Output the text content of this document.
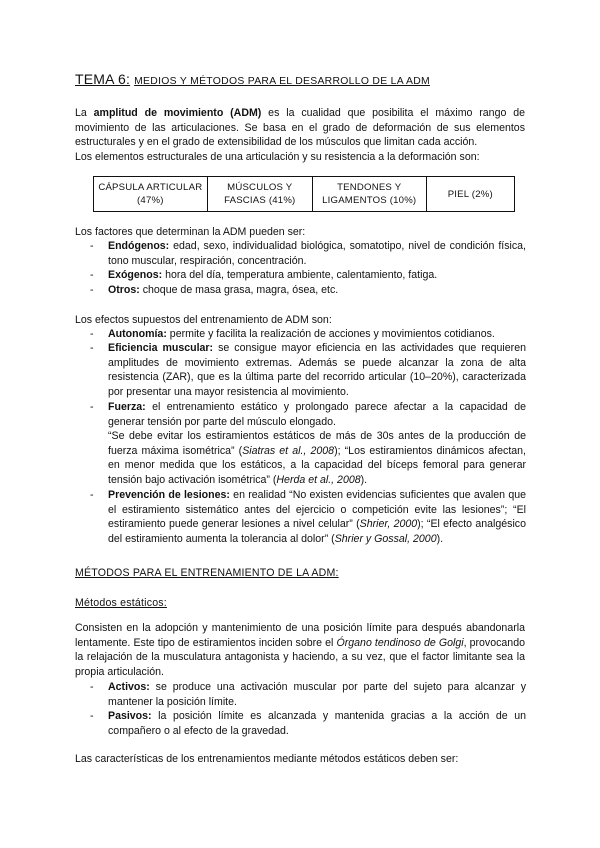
TEMA 6: MEDIOS Y MÉTODOS PARA EL DESARROLLO DE LA ADM
La amplitud de movimiento (ADM) es la cualidad que posibilita el máximo rango de movimiento de las articulaciones. Se basa en el grado de deformación de sus elementos estructurales y en el grado de extensibilidad de los músculos que limitan cada acción.
Los elementos estructurales de una articulación y su resistencia a la deformación son:
CÁPSULA ARTICULAR (47%)	MÚSCULOS Y FASCIAS (41%)	TENDONES Y LIGAMENTOS (10%)	PIEL (2%)
Los factores que determinan la ADM pueden ser:
- Endógenos: edad, sexo, individualidad biológica, somatotipo, nivel de condición física, tono muscular, respiración, concentración.
- Exógenos: hora del día, temperatura ambiente, calentamiento, fatiga.
- Otros: choque de masa grasa, magra, ósea, etc.
Los efectos supuestos del entrenamiento de ADM son:
- Autonomía: permite y facilita la realización de acciones y movimientos cotidianos.
- Eficiencia muscular: se consigue mayor eficiencia en las actividades que requieren amplitudes de movimiento extremas. Además se puede alcanzar la zona de alta resistencia (ZAR), que es la última parte del recorrido articular (10–20%), caracterizada por presentar una mayor resistencia al movimiento.
- Fuerza: el entrenamiento estático y prolongado parece afectar a la capacidad de generar tensión por parte del músculo elongado.
“Se debe evitar los estiramientos estáticos de más de 30s antes de la producción de fuerza máxima isométrica” (Siatras et al., 2008); “Los estiramientos dinámicos afectan, en menor medida que los estáticos, a la capacidad del bíceps femoral para generar tensión bajo activación isométrica” (Herda et al., 2008).
- Prevención de lesiones: en realidad “No existen evidencias suficientes que avalen que el estiramiento sistemático antes del ejercicio o competición evite las lesiones”; “El estiramiento puede generar lesiones a nivel celular” (Shrier, 2000); “El efecto analgésico del estiramiento aumenta la tolerancia al dolor” (Shrier y Gossal, 2000).
MÉTODOS PARA EL ENTRENAMIENTO DE LA ADM:
Métodos estáticos:
Consisten en la adopción y mantenimiento de una posición límite para después abandonarla lentamente. Este tipo de estiramientos inciden sobre el Órgano tendinoso de Golgi, provocando la relajación de la musculatura antagonista y haciendo, a su vez, que el factor limitante sea la propia articulación.
- Activos: se produce una activación muscular por parte del sujeto para alcanzar y mantener la posición límite.
- Pasivos: la posición límite es alcanzada y mantenida gracias a la acción de un compañero o al efecto de la gravedad.
Las características de los entrenamientos mediante métodos estáticos deben ser:
